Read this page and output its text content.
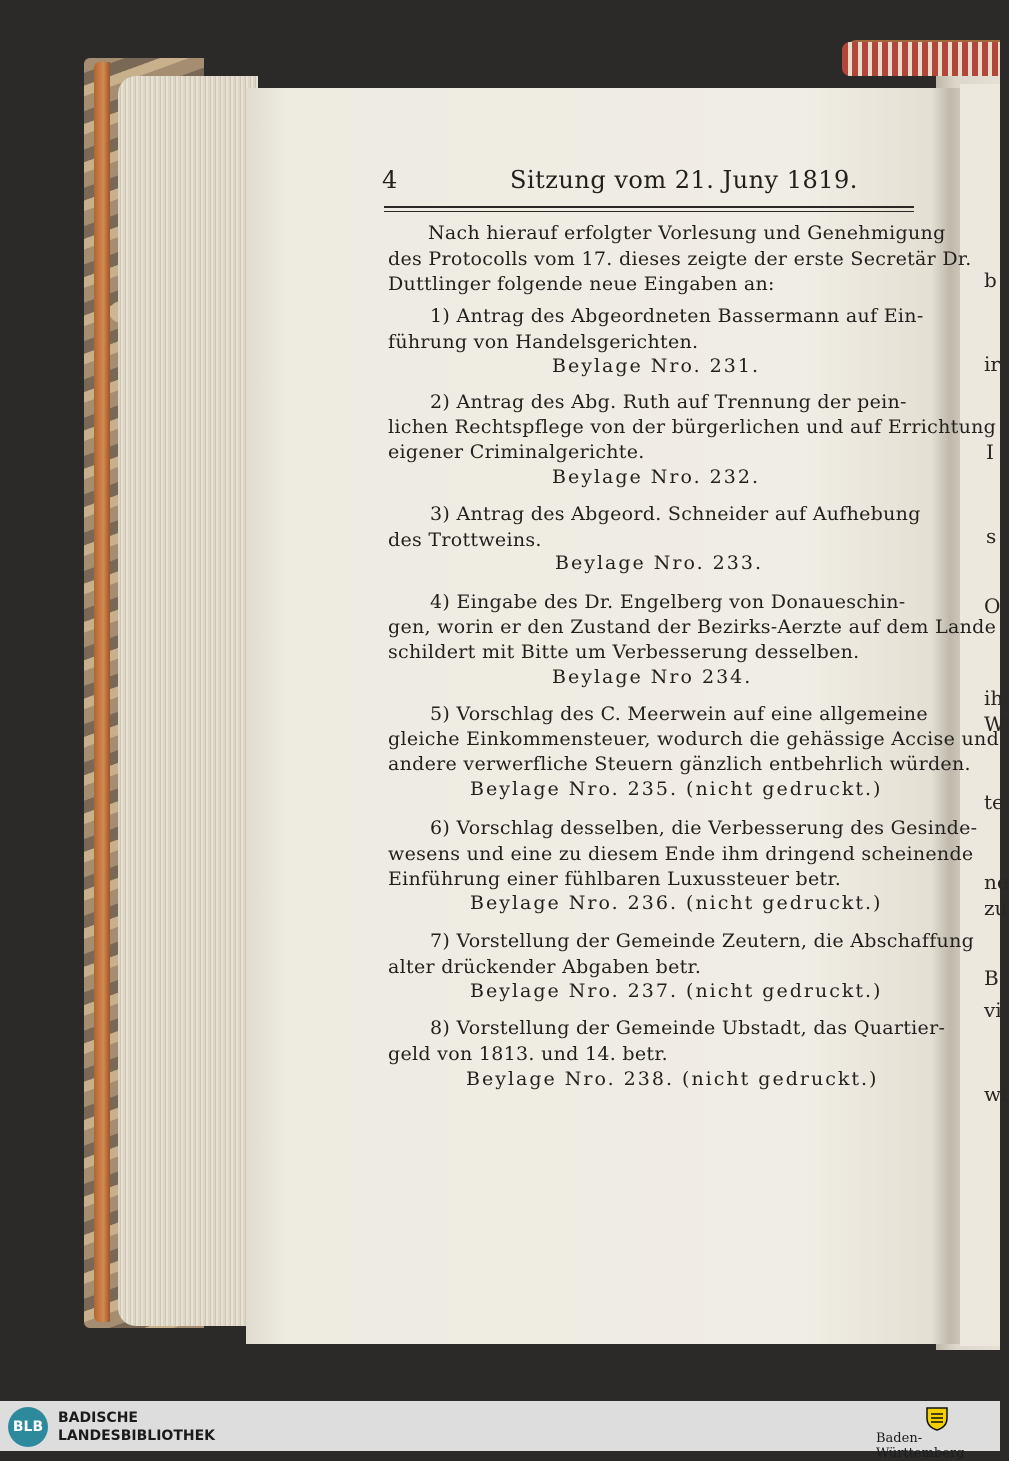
b
ir
I
s
O
ih
W
te
ne
zu
B
vi
wi
4	Sitzung vom 21. Juny 1819.
Nach hierauf erfolgter Vorlesung und Genehmigung
des Protocolls vom 17. dieses zeigte der erste Secretär Dr.
Duttlinger folgende neue Eingaben an:
1) Antrag des Abgeordneten Bassermann auf Ein-
führung von Handelsgerichten.
Beylage Nro. 231.
2) Antrag des Abg. Ruth auf Trennung der pein-
lichen Rechtspflege von der bürgerlichen und auf Errichtung
eigener Criminalgerichte.
Beylage Nro. 232.
3) Antrag des Abgeord. Schneider auf Aufhebung
des Trottweins.
Beylage Nro. 233.
4) Eingabe des Dr. Engelberg von Donaueschin-
gen, worin er den Zustand der Bezirks-Aerzte auf dem Lande
schildert mit Bitte um Verbesserung desselben.
Beylage Nro 234.
5) Vorschlag des C. Meerwein auf eine allgemeine
gleiche Einkommensteuer, wodurch die gehässige Accise und
andere verwerfliche Steuern gänzlich entbehrlich würden.
Beylage Nro. 235. (nicht gedruckt.)
6) Vorschlag desselben, die Verbesserung des Gesinde-
wesens und eine zu diesem Ende ihm dringend scheinende
Einführung einer fühlbaren Luxussteuer betr.
Beylage Nro. 236. (nicht gedruckt.)
7) Vorstellung der Gemeinde Zeutern, die Abschaffung
alter drückender Abgaben betr.
Beylage Nro. 237. (nicht gedruckt.)
8) Vorstellung der Gemeinde Ubstadt, das Quartier-
geld von 1813. und 14. betr.
Beylage Nro. 238. (nicht gedruckt.)
BLB
BADISCHE
LANDESBIBLIOTHEK	Baden-Württemberg
